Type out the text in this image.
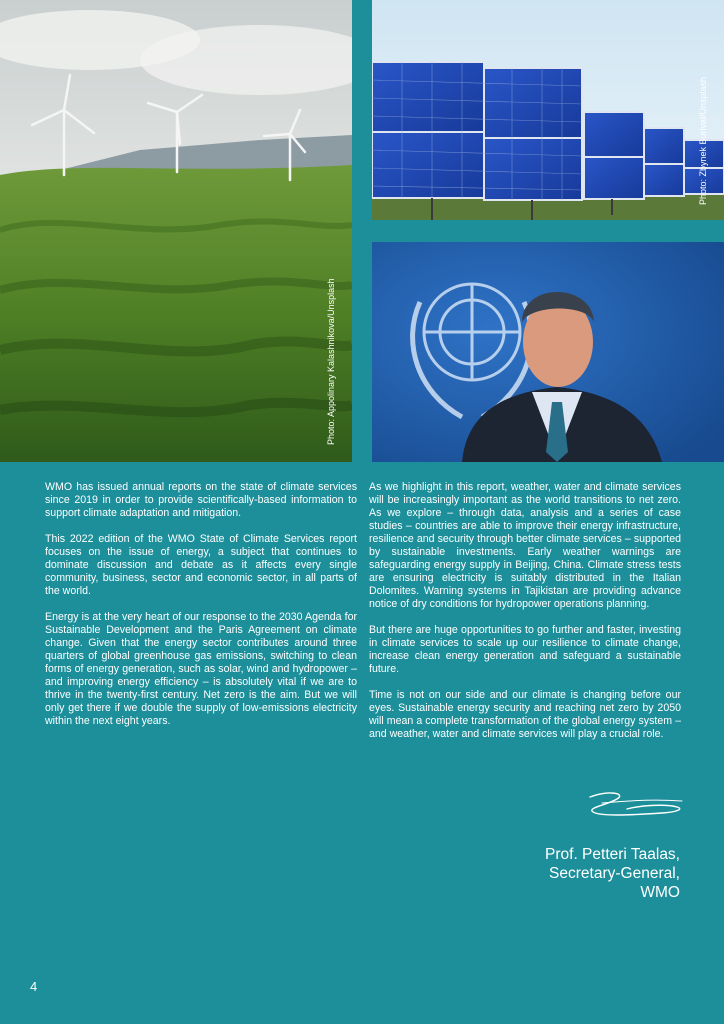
Photo: Appolinary Kalashnikova/Unsplash
Photo: Zbynek Burival/Unsplash

WMO has issued annual reports on the state of climate services since 2019 in order to provide scientifically-based information to support climate adaptation and mitigation.

This 2022 edition of the WMO State of Climate Services report focuses on the issue of energy, a subject that continues to dominate discussion and debate as it affects every single community, business, sector and economic sector, in all parts of the world.

Energy is at the very heart of our response to the 2030 Agenda for Sustainable Development and the Paris Agreement on climate change. Given that the energy sector contributes around three quarters of global greenhouse gas emissions, switching to clean forms of energy generation, such as solar, wind and hydropower – and improving energy efficiency – is absolutely vital if we are to thrive in the twenty-first century. Net zero is the aim. But we will only get there if we double the supply of low-emissions electricity within the next eight years.

As we highlight in this report, weather, water and climate services will be increasingly important as the world transitions to net zero. As we explore – through data, analysis and a series of case studies – countries are able to improve their energy infrastructure, resilience and security through better climate services – supported by sustainable investments. Early weather warnings are safeguarding energy supply in Beijing, China. Climate stress tests are ensuring electricity is suitably distributed in the Italian Dolomites. Warning systems in Tajikistan are providing advance notice of dry conditions for hydropower operations planning.

But there are huge opportunities to go further and faster, investing in climate services to scale up our resilience to climate change, increase clean energy generation and safeguard a sustainable future.

Time is not on our side and our climate is changing before our eyes. Sustainable energy security and reaching net zero by 2050 will mean a complete transformation of the global energy system – and weather, water and climate services will play a crucial role.

Prof. Petteri Taalas,
Secretary-General,
WMO
4
